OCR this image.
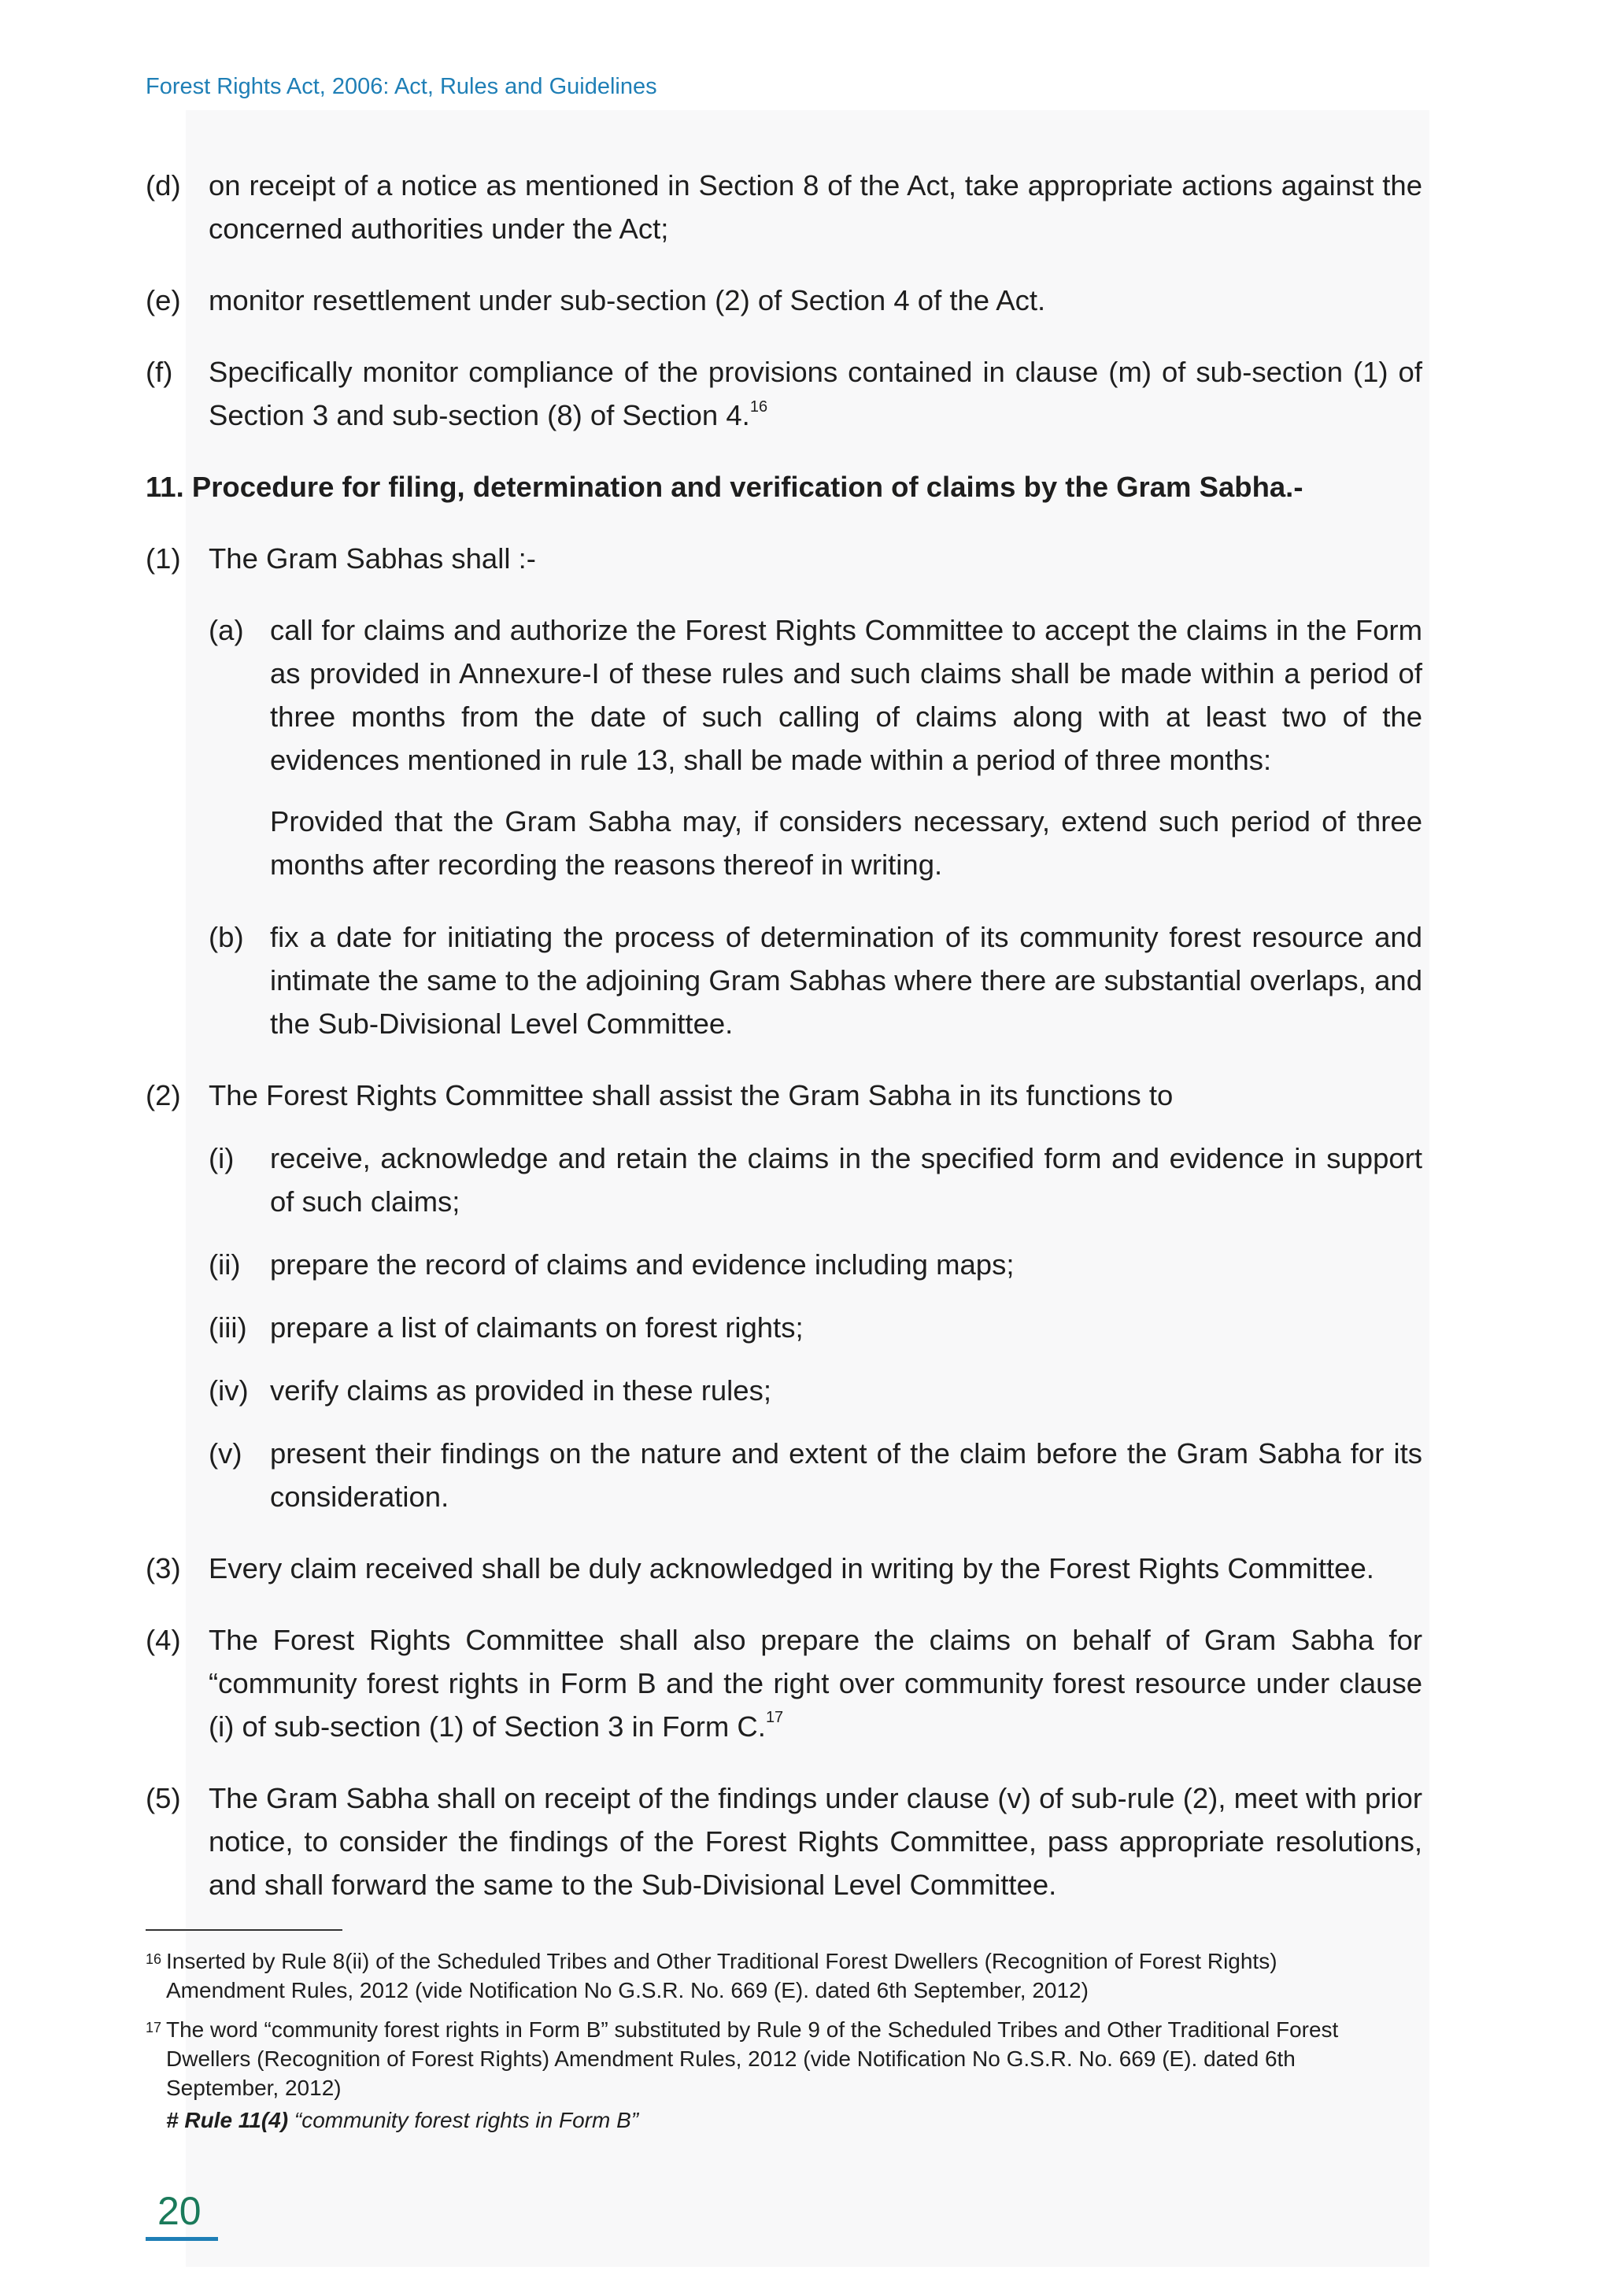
Forest Rights Act, 2006: Act, Rules and Guidelines

(d) on receipt of a notice as mentioned in Section 8 of the Act, take appropriate actions against the concerned authorities under the Act;

(e) monitor resettlement under sub-section (2) of Section 4 of the Act.

(f) Specifically monitor compliance of the provisions contained in clause (m) of sub-section (1) of Section 3 and sub-section (8) of Section 4.16

11. Procedure for filing, determination and verification of claims by the Gram Sabha.-

(1) The Gram Sabhas shall :-

(a) call for claims and authorize the Forest Rights Committee to accept the claims in the Form as provided in Annexure-I of these rules and such claims shall be made within a period of three months from the date of such calling of claims along with at least two of the evidences mentioned in rule 13, shall be made within a period of three months:

Provided that the Gram Sabha may, if considers necessary, extend such period of three months after recording the reasons thereof in writing.

(b) fix a date for initiating the process of determination of its community forest resource and intimate the same to the adjoining Gram Sabhas where there are substantial overlaps, and the Sub-Divisional Level Committee.

(2) The Forest Rights Committee shall assist the Gram Sabha in its functions to

(i) receive, acknowledge and retain the claims in the specified form and evidence in support of such claims;

(ii) prepare the record of claims and evidence including maps;

(iii) prepare a list of claimants on forest rights;

(iv) verify claims as provided in these rules;

(v) present their findings on the nature and extent of the claim before the Gram Sabha for its consideration.

(3) Every claim received shall be duly acknowledged in writing by the Forest Rights Committee.

(4) The Forest Rights Committee shall also prepare the claims on behalf of Gram Sabha for “community forest rights in Form B and the right over community forest resource under clause (i) of sub-section (1) of Section 3 in Form C.$^{17}$

(5) The Gram Sabha shall on receipt of the findings under clause (v) of sub-rule (2), meet with prior notice, to consider the findings of the Forest Rights Committee, pass appropriate resolutions, and shall forward the same to the Sub-Divisional Level Committee.

16 Inserted by Rule 8(ii) of the Scheduled Tribes and Other Traditional Forest Dwellers (Recognition of Forest Rights) Amendment Rules, 2012 (vide Notification No G.S.R. No. 669 (E). dated 6th September, 2012)

17 The word “community forest rights in Form B” substituted by Rule 9 of the Scheduled Tribes and Other Traditional Forest Dwellers (Recognition of Forest Rights) Amendment Rules, 2012 (vide Notification No G.S.R. No. 669 (E). dated 6th September, 2012)

# Rule 11(4) “community forest rights in Form B”

20
